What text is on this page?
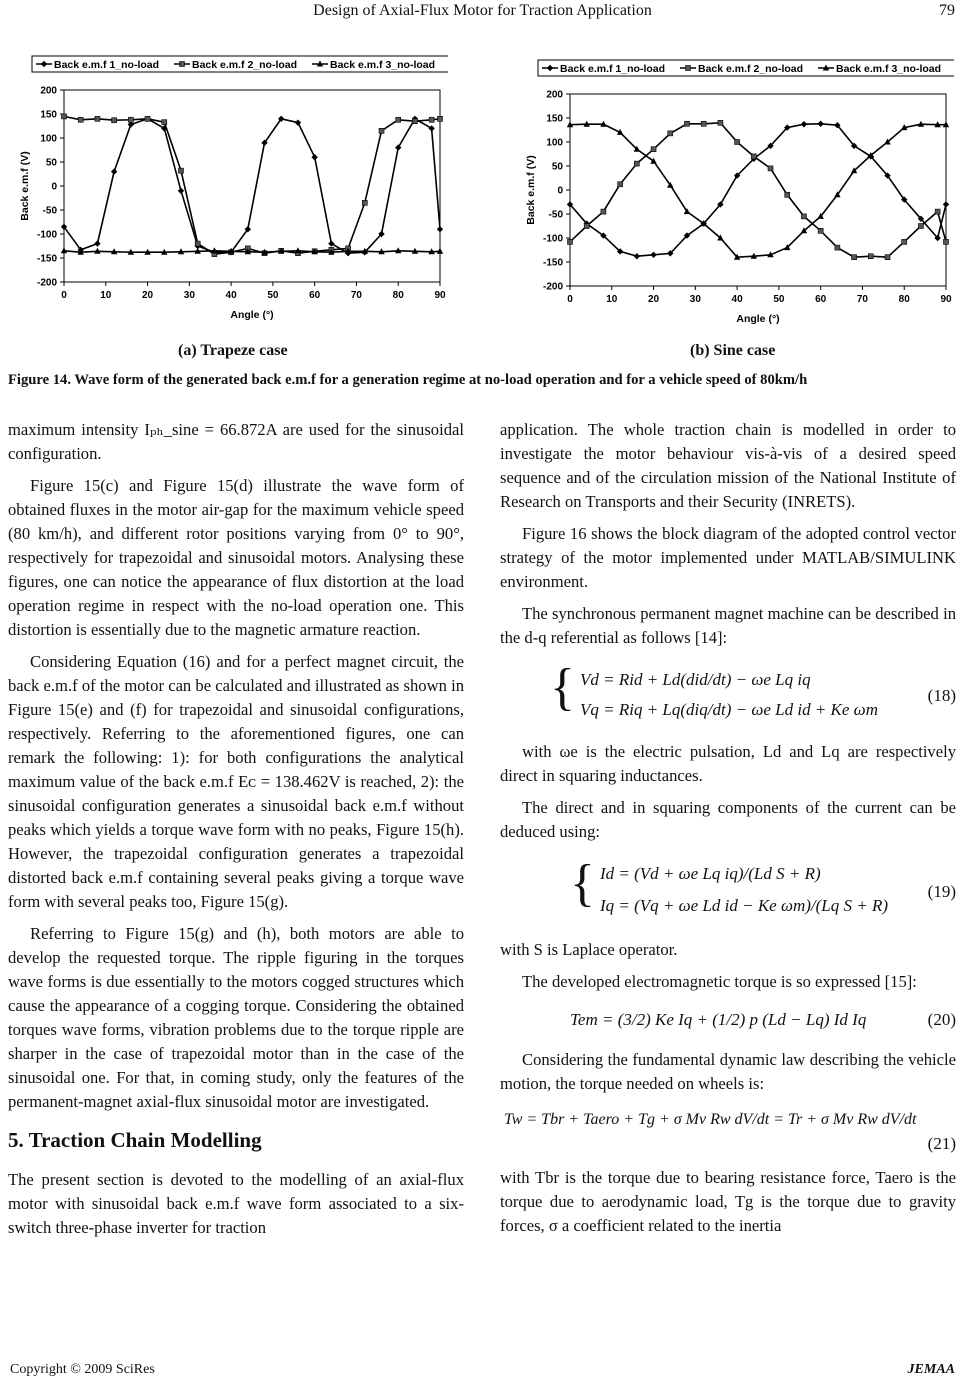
Design of Axial-Flux Motor for Traction Application	79
Back e.m.f 1_no-load	Back e.m.f 2_no-load	Back e.m.f 3_no-load
200
150
100
50
0
-50
-100
-150
-200
0	10	20	30	40	50	60	70	80	90
Angle (°)
Back e.m.f (V)
(a) Trapeze case
Back e.m.f 1_no-load	Back e.m.f 2_no-load	Back e.m.f 3_no-load
200
150
100
50
0
-50
-100
-150
-200
0	10	20	30	40	50	60	70	80	90
Angle (°)
Back e.m.f (V)
(b) Sine case
Figure 14. Wave form of the generated back e.m.f for a generation regime at no-load operation and for a vehicle speed of 80km/h

maximum intensity Iₚₕ_sine = 66.872A are used for the sinusoidal configuration.

Figure 15(c) and Figure 15(d) illustrate the wave form of obtained fluxes in the motor air-gap for the maximum vehicle speed (80 km/h), and different rotor positions varying from 0° to 90°, respectively for trapezoidal and sinusoidal motors. Analysing these figures, one can notice the appearance of flux distortion at the load operation regime in respect with the no-load operation one. This distortion is essentially due to the magnetic armature reaction.

Considering Equation (16) and for a perfect magnet circuit, the back e.m.f of the motor can be calculated and illustrated as shown in Figure 15(e) and (f) for trapezoidal and sinusoidal configurations, respectively. Referring to the aforementioned figures, one can remark the following: 1): for both configurations the analytical maximum value of the back e.m.f Eᴄ = 138.462V is reached, 2): the sinusoidal configuration generates a sinusoidal back e.m.f without peaks which yields a torque wave form with no peaks, Figure 15(h). However, the trapezoidal configuration generates a trapezoidal distorted back e.m.f containing several peaks giving a torque wave form with several peaks too, Figure 15(g).

Referring to Figure 15(g) and (h), both motors are able to develop the requested torque. The ripple figuring in the torques wave forms is due essentially to the motors cogged structures which cause the appearance of a cogging torque. Considering the obtained torques wave forms, vibration problems due to the torque ripple are sharper in the case of trapezoidal motor than in the case of the sinusoidal one. For that, in coming study, only the features of the permanent-magnet axial-flux sinusoidal motor are investigated.

5. Traction Chain Modelling

The present section is devoted to the modelling of an axial-flux motor with sinusoidal back e.m.f wave form associated to a six-switch three-phase inverter for traction

application. The whole traction chain is modelled in order to investigate the motor behaviour vis-à-vis of a desired speed sequence and of the circulation mission of the National Institute of Research on Transports and their Security (INRETS).

Figure 16 shows the block diagram of the adopted control vector strategy of the motor implemented under MATLAB/SIMULINK environment.

The synchronous permanent magnet machine can be described in the d-q referential as follows [14]:

{ Vd = Rid + Ld(did/dt) − ωe Lq iq
Vq = Riq + Lq(diq/dt) − ωe Ld id + Ke ωm
(18)

with ωe is the electric pulsation, Ld and Lq are respectively direct in squaring inductances.

The direct and in squaring components of the current can be deduced using:

{ Id = (Vd + ωe Lq iq)/(Ld S + R)
Iq = (Vq + ωe Ld id − Ke ωm)/(Lq S + R)
(19)

with S is Laplace operator.

The developed electromagnetic torque is so expressed [15]:

Tem = (3/2) Ke Iq + (1/2) p (Ld − Lq) Id Iq	(20)

Considering the fundamental dynamic law describing the vehicle motion, the torque needed on wheels is:

Tw = Tbr + Taero + Tg + σ Mv Rw dV/dt = Tr + σ Mv Rw dV/dt
(21)

with Tbr is the torque due to bearing resistance force, Taero is the torque due to aerodynamic load, Tg is the torque due to gravity forces, σ a coefficient related to the inertia

Copyright © 2009 SciRes	JEMAA
